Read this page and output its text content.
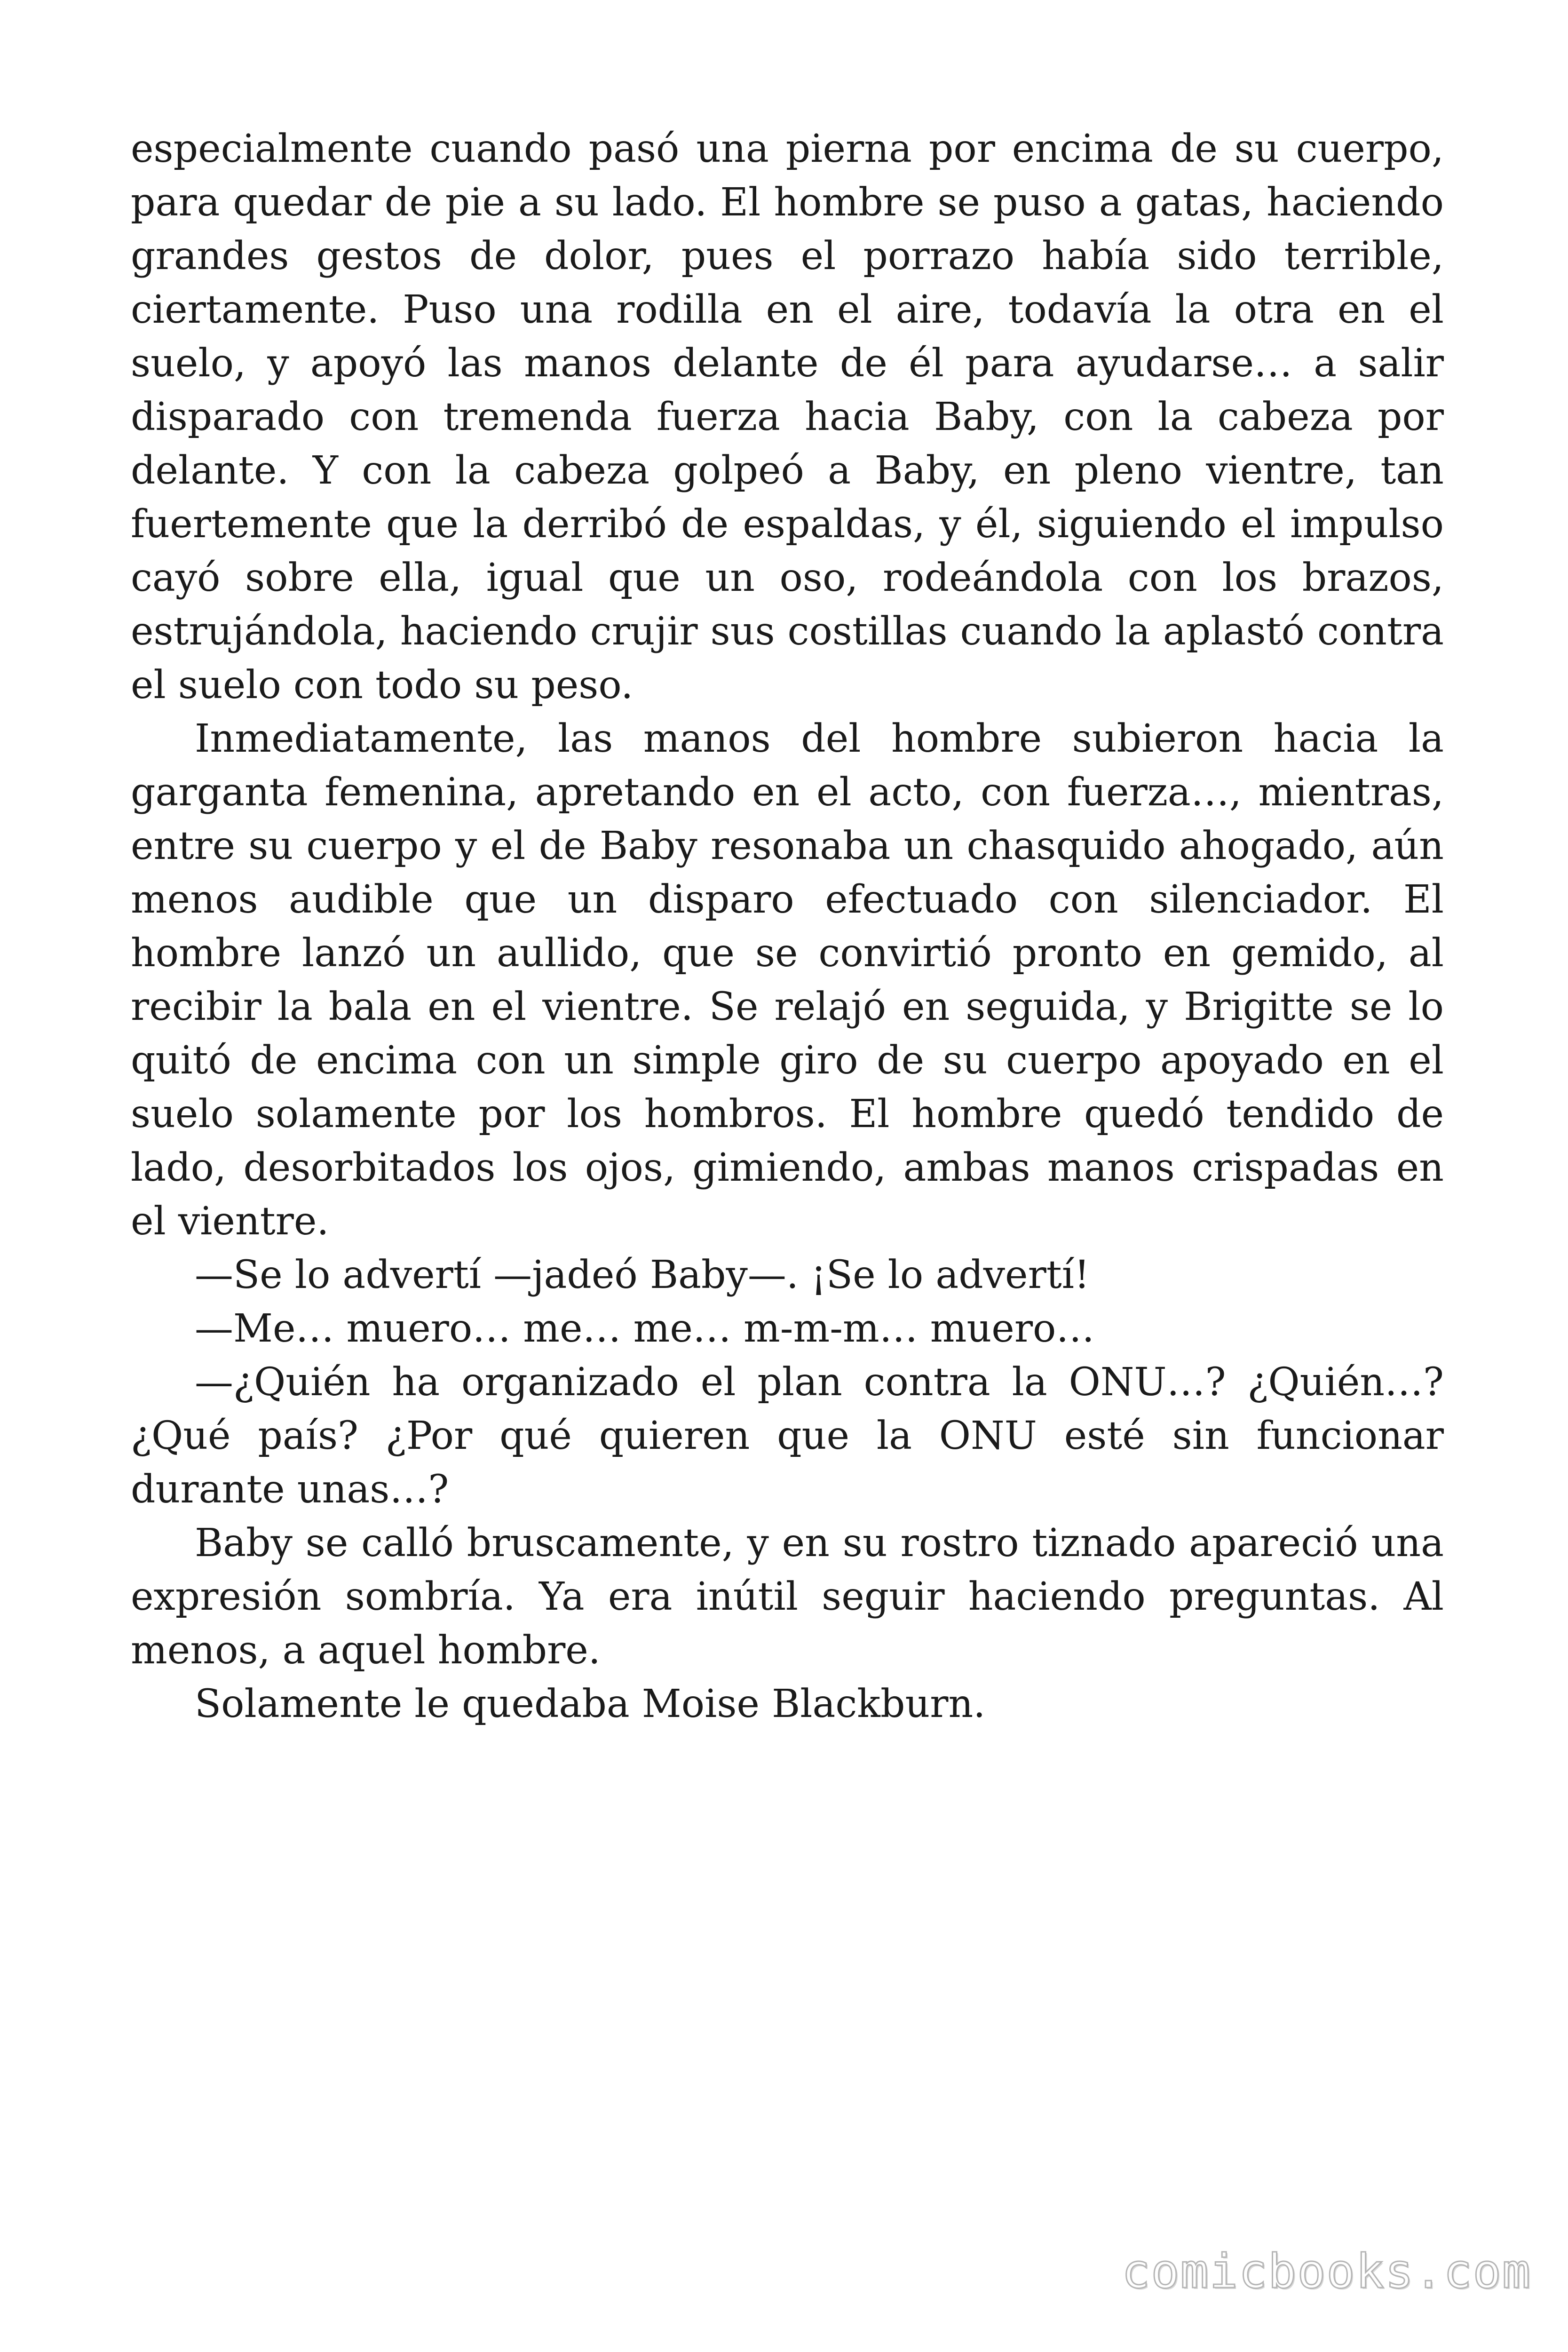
especialmente cuando pasó una pierna por encima de su cuerpo, para quedar de pie a su lado. El hombre se puso a gatas, haciendo grandes gestos de dolor, pues el porrazo había sido terrible, ciertamente. Puso una rodilla en el aire, todavía la otra en el suelo, y apoyó las manos delante de él para ayudarse… a salir disparado con tremenda fuerza hacia Baby, con la cabeza por delante. Y con la cabeza golpeó a Baby, en pleno vientre, tan fuertemente que la derribó de espaldas, y él, siguiendo el impulso cayó sobre ella, igual que un oso, rodeándola con los brazos, estrujándola, haciendo crujir sus costillas cuando la aplastó contra el suelo con todo su peso.

Inmediatamente, las manos del hombre subieron hacia la garganta femenina, apretando en el acto, con fuerza…, mientras, entre su cuerpo y el de Baby resonaba un chasquido ahogado, aún menos audible que un disparo efectuado con silenciador. El hombre lanzó un aullido, que se convirtió pronto en gemido, al recibir la bala en el vientre. Se relajó en seguida, y Brigitte se lo quitó de encima con un simple giro de su cuerpo apoyado en el suelo solamente por los hombros. El hombre quedó tendido de lado, desorbitados los ojos, gimiendo, ambas manos crispadas en el vientre.

—Se lo advertí —jadeó Baby—. ¡Se lo advertí!

—Me… muero… me… me… m-m-m… muero…

—¿Quién ha organizado el plan contra la ONU…? ¿Quién…? ¿Qué país? ¿Por qué quieren que la ONU esté sin funcionar durante unas…?

Baby se calló bruscamente, y en su rostro tiznado apareció una expresión sombría. Ya era inútil seguir haciendo preguntas. Al menos, a aquel hombre.

Solamente le quedaba Moise Blackburn.

comicbooks.com
